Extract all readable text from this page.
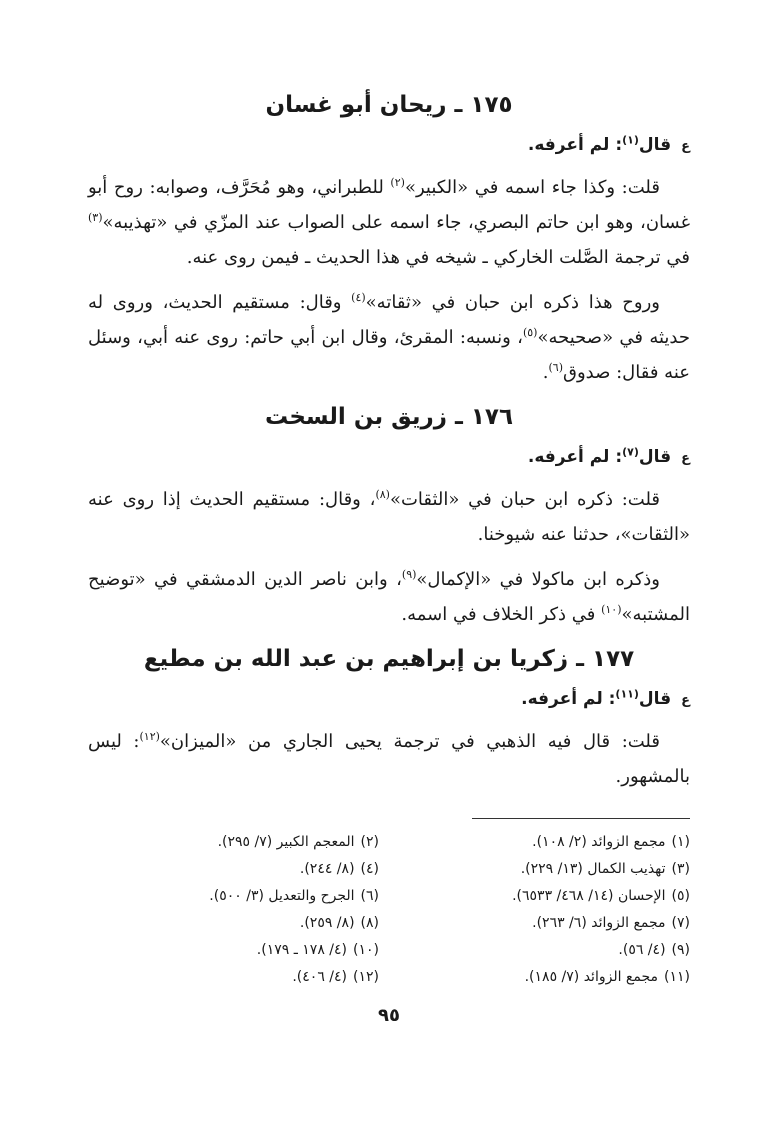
١٧٥ ـ ريحان أبو غسان
ع قال$^{(١)}$: لم أعرفه.

قلت: وكذا جاء اسمه في «الكبير»$^{(٢)}$ للطبراني، وهو مُحَرَّف، وصوابه: روح أبو غسان، وهو ابن حاتم البصري، جاء اسمه على الصواب عند المزّي في «تهذيبه»$^{(٣)}$ في ترجمة الصَّلت الخاركي ـ شيخه في هذا الحديث ـ فيمن روى عنه.

وروح هذا ذكره ابن حبان في «ثقاته»$^{(٤)}$ وقال: مستقيم الحديث، وروى له حديثه في «صحيحه»$^{(٥)}$، ونسبه: المقرئ، وقال ابن أبي حاتم: روى عنه أبي، وسئل عنه فقال: صدوق$^{(٦)}$.

١٧٦ ـ زريق بن السخت
ع قال$^{(٧)}$: لم أعرفه.

قلت: ذكره ابن حبان في «الثقات»$^{(٨)}$، وقال: مستقيم الحديث إذا روى عنه «الثقات»، حدثنا عنه شيوخنا.

وذكره ابن ماكولا في «الإكمال»$^{(٩)}$، وابن ناصر الدين الدمشقي في «توضيح المشتبه»$^{(١٠)}$ في ذكر الخلاف في اسمه.

١٧٧ ـ زكريا بن إبراهيم بن عبد الله بن مطيع
ع قال$^{(١١)}$: لم أعرفه.

قلت: قال فيه الذهبي في ترجمة يحيى الجاري من «الميزان»$^{(١٢)}$: ليس بالمشهور.

(١)مجمع الزوائد (٢/ ١٠٨).
(٢)المعجم الكبير (٧/ ٢٩٥).
(٣)تهذيب الكمال (١٣/ ٢٢٩).
(٤)(٨/ ٢٤٤).
(٥)الإحسان (١٤/ ٤٦٨/ ٦٥٣٣).
(٦)الجرح والتعديل (٣/ ٥٠٠).
(٧)مجمع الزوائد (٦/ ٢٦٣).
(٨)(٨/ ٢٥٩).
(٩)(٤/ ٥٦).
(١٠)(٤/ ١٧٨ ـ ١٧٩).
(١١)مجمع الزوائد (٧/ ١٨٥).
(١٢)(٤/ ٤٠٦).
٩٥
